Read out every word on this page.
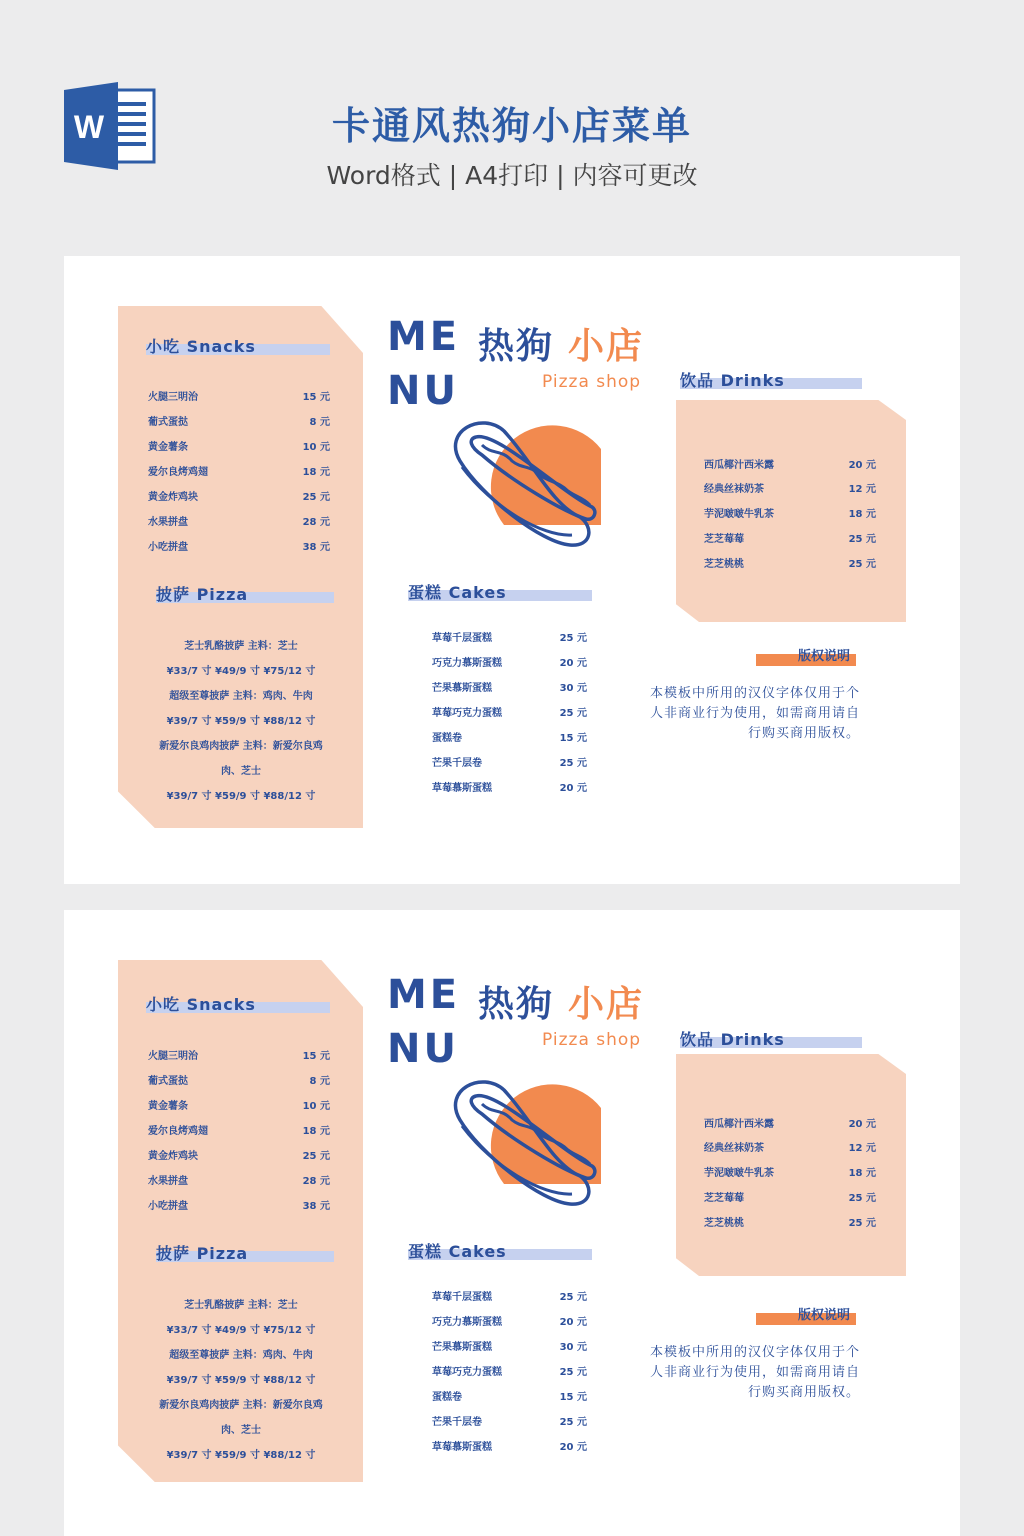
W	卡通风热狗小店菜单
Word格式 | A4打印 | 内容可更改
小吃 Snacks
火腿三明治	15 元
葡式蛋挞	8 元
黄金薯条	10 元
爱尔良烤鸡翅	18 元
黄金炸鸡块	25 元
水果拼盘	28 元
小吃拼盘	38 元
披萨 Pizza
芝士乳酪披萨 主料：芝士
¥33/7 寸 ¥49/9 寸 ¥75/12 寸
超级至尊披萨 主料：鸡肉、牛肉
¥39/7 寸 ¥59/9 寸 ¥88/12 寸
新爱尔良鸡肉披萨 主料：新爱尔良鸡
肉、芝士
¥39/7 寸 ¥59/9 寸 ¥88/12 寸
ME
NU
热狗 小店
Pizza shop
蛋糕 Cakes
草莓千层蛋糕	25 元
巧克力慕斯蛋糕	20 元
芒果慕斯蛋糕	30 元
草莓巧克力蛋糕	25 元
蛋糕卷	15 元
芒果千层卷	25 元
草莓慕斯蛋糕	20 元
饮品 Drinks
西瓜椰汁西米露	20 元
经典丝袜奶茶	12 元
芋泥啵啵牛乳茶	18 元
芝芝莓莓	25 元
芝芝桃桃	25 元
版权说明
本模板中所用的汉仪字体仅用于个人非商业行为使用，如需商用请自行购买商用版权。
小吃 Snacks
火腿三明治	15 元
葡式蛋挞	8 元
黄金薯条	10 元
爱尔良烤鸡翅	18 元
黄金炸鸡块	25 元
水果拼盘	28 元
小吃拼盘	38 元
披萨 Pizza
芝士乳酪披萨 主料：芝士
¥33/7 寸 ¥49/9 寸 ¥75/12 寸
超级至尊披萨 主料：鸡肉、牛肉
¥39/7 寸 ¥59/9 寸 ¥88/12 寸
新爱尔良鸡肉披萨 主料：新爱尔良鸡
肉、芝士
¥39/7 寸 ¥59/9 寸 ¥88/12 寸
ME
NU
热狗 小店
Pizza shop
蛋糕 Cakes
草莓千层蛋糕	25 元
巧克力慕斯蛋糕	20 元
芒果慕斯蛋糕	30 元
草莓巧克力蛋糕	25 元
蛋糕卷	15 元
芒果千层卷	25 元
草莓慕斯蛋糕	20 元
饮品 Drinks
西瓜椰汁西米露	20 元
经典丝袜奶茶	12 元
芋泥啵啵牛乳茶	18 元
芝芝莓莓	25 元
芝芝桃桃	25 元
版权说明
本模板中所用的汉仪字体仅用于个人非商业行为使用，如需商用请自行购买商用版权。
